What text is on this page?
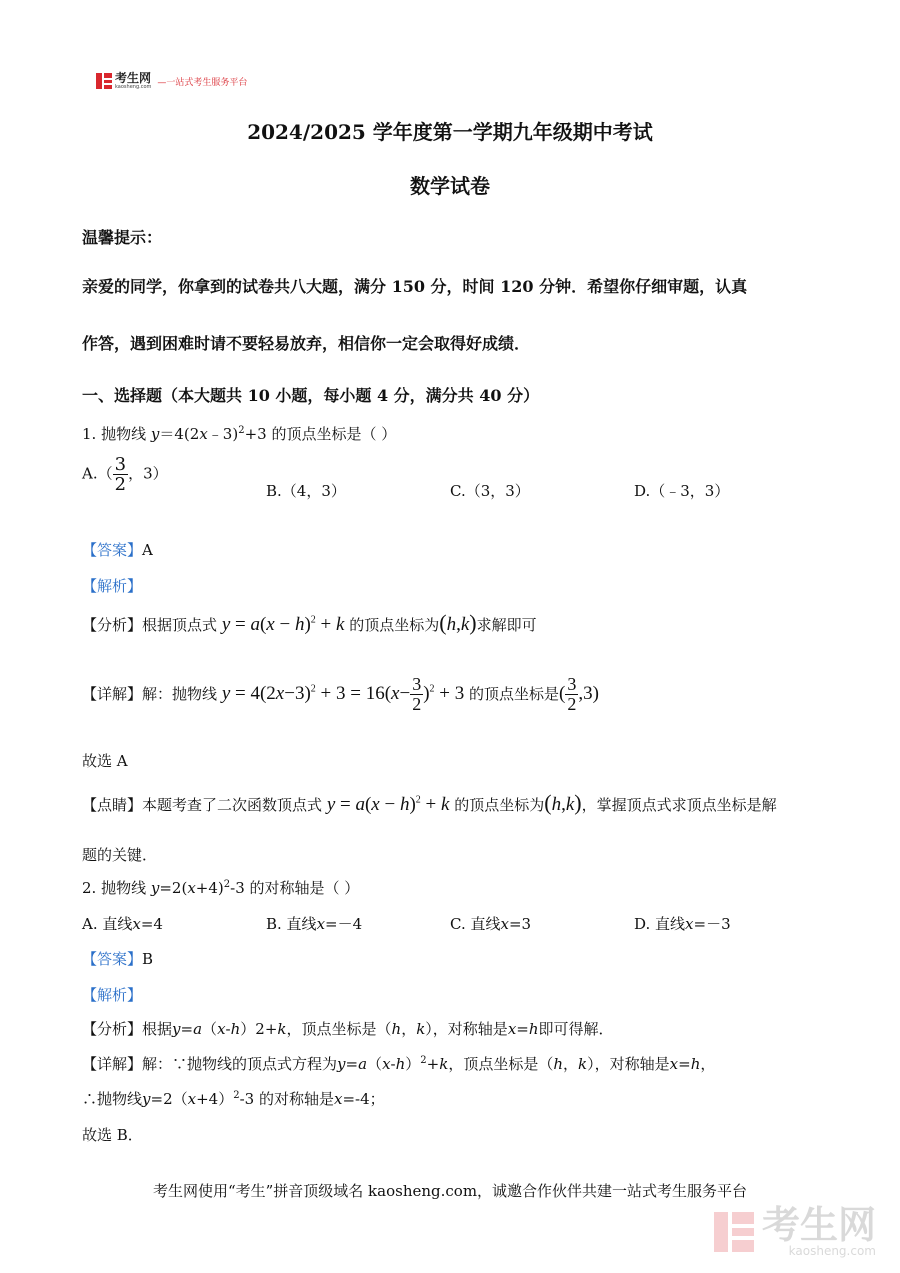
考生网
kaosheng.com —一站式考生服务平台
2024/2025 学年度第一学期九年级期中考试
数学试卷
温馨提示：
亲爱的同学，你拿到的试卷共八大题，满分 150 分，时间 120 分钟．希望你仔细审题，认真
作答，遇到困难时请不要轻易放弃，相信你一定会取得好成绩．
一、选择题（本大题共 10 小题，每小题 4 分，满分共 40 分）
1. 抛物线 y＝4(2x﹣3)$^2$+3 的顶点坐标是（ ）
$A.( \frac{3}{2}$ ，3）
B.（4，3）	C.（3，3）	D.（﹣3，3）
【答案】A
【解析】
【分析】根据顶点式 $y = a(x - h)^2 + k$ 的顶点坐标为(h,k)求解即可
【详解】解：抛物线 $y = 4(2x-3)^2 + 3 = 16(x- \frac{3}{2} )^2 + 3$ 的顶点坐标是( $\frac{3}{2} ,3$)
故选 A
【点睛】本题考查了二次函数顶点式 $y = a(x - h)^2 + k$ 的顶点坐标为(h,k)，掌握顶点式求顶点坐标是解
题的关键．
2. 抛物线 $y=2(x+4)^2-3$ 的对称轴是（ ）
A. 直线x=4	B. 直线x=－4	C. 直线x=3	D. 直线x=－3
【答案】B
【解析】
【分析】根据y=a（x-h）2+k，顶点坐标是（h，k），对称轴是x=h即可得解．
【详解】解：∵抛物线的顶点式方程为$y=a(x-h)^2+k$，顶点坐标是（h，k），对称轴是x=h，
∴抛物线$y=2(x+4)^2-3$ 的对称轴是x=-4；
故选 B．
考生网使用“考生”拼音顶级域名 kaosheng.com，诚邀合作伙伴共建一站式考生服务平台
考生网
kaosheng.com
